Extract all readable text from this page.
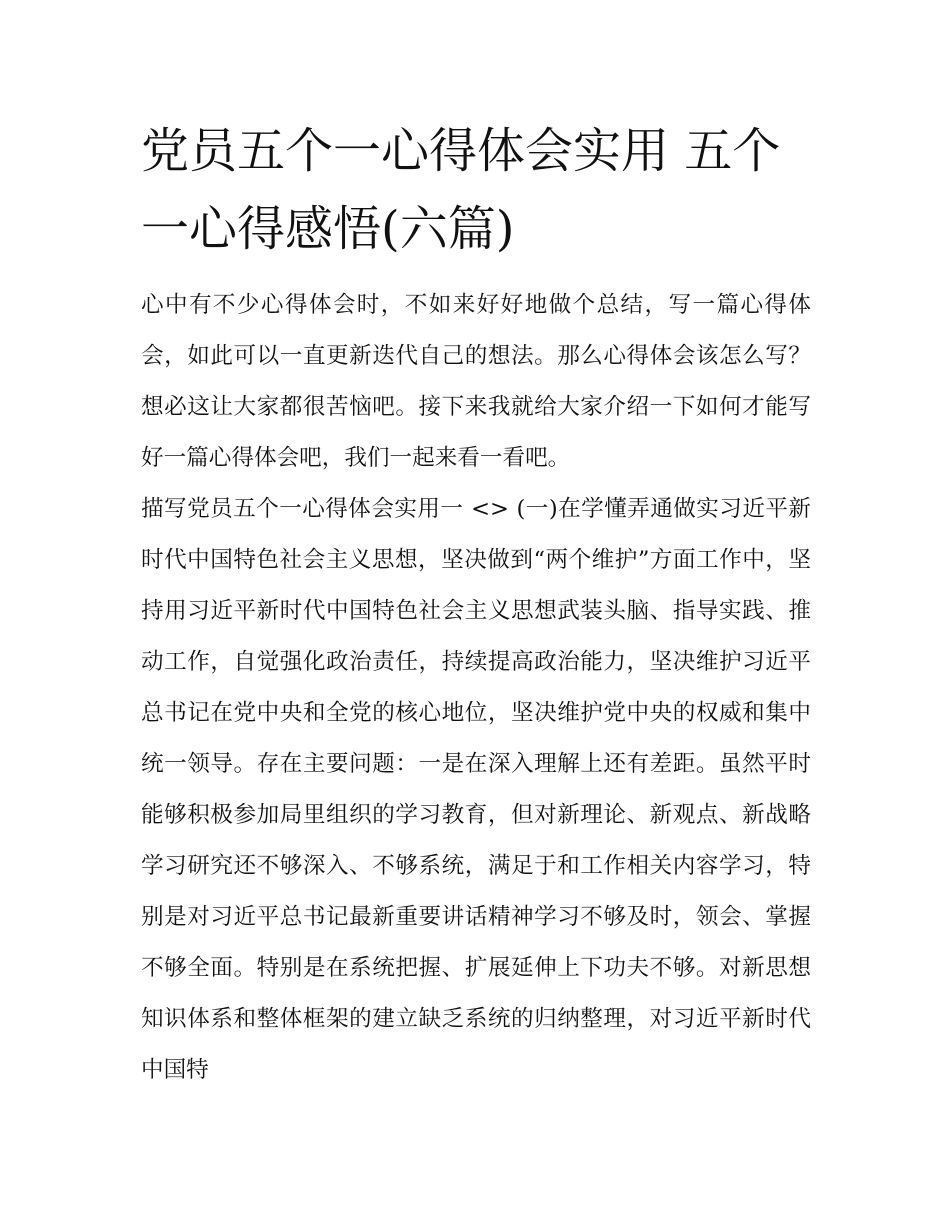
党员五个一心得体会实用 五个一心得感悟(六篇)

心中有不少心得体会时，不如来好好地做个总结，写一篇心得体会，如此可以一直更新迭代自己的想法。那么心得体会该怎么写？想必这让大家都很苦恼吧。接下来我就给大家介绍一下如何才能写好一篇心得体会吧，我们一起来看一看吧。

描写党员五个一心得体会实用一 <> (一)在学懂弄通做实习近平新时代中国特色社会主义思想，坚决做到“两个维护”方面工作中，坚持用习近平新时代中国特色社会主义思想武装头脑、指导实践、推动工作，自觉强化政治责任，持续提高政治能力，坚决维护习近平总书记在党中央和全党的核心地位，坚决维护党中央的权威和集中统一领导。存在主要问题：一是在深入理解上还有差距。虽然平时能够积极参加局里组织的学习教育，但对新理论、新观点、新战略学习研究还不够深入、不够系统，满足于和工作相关内容学习，特别是对习近平总书记最新重要讲话精神学习不够及时，领会、掌握不够全面。特别是在系统把握、扩展延伸上下功夫不够。对新思想知识体系和整体框架的建立缺乏系统的归纳整理，对习近平新时代中国特
